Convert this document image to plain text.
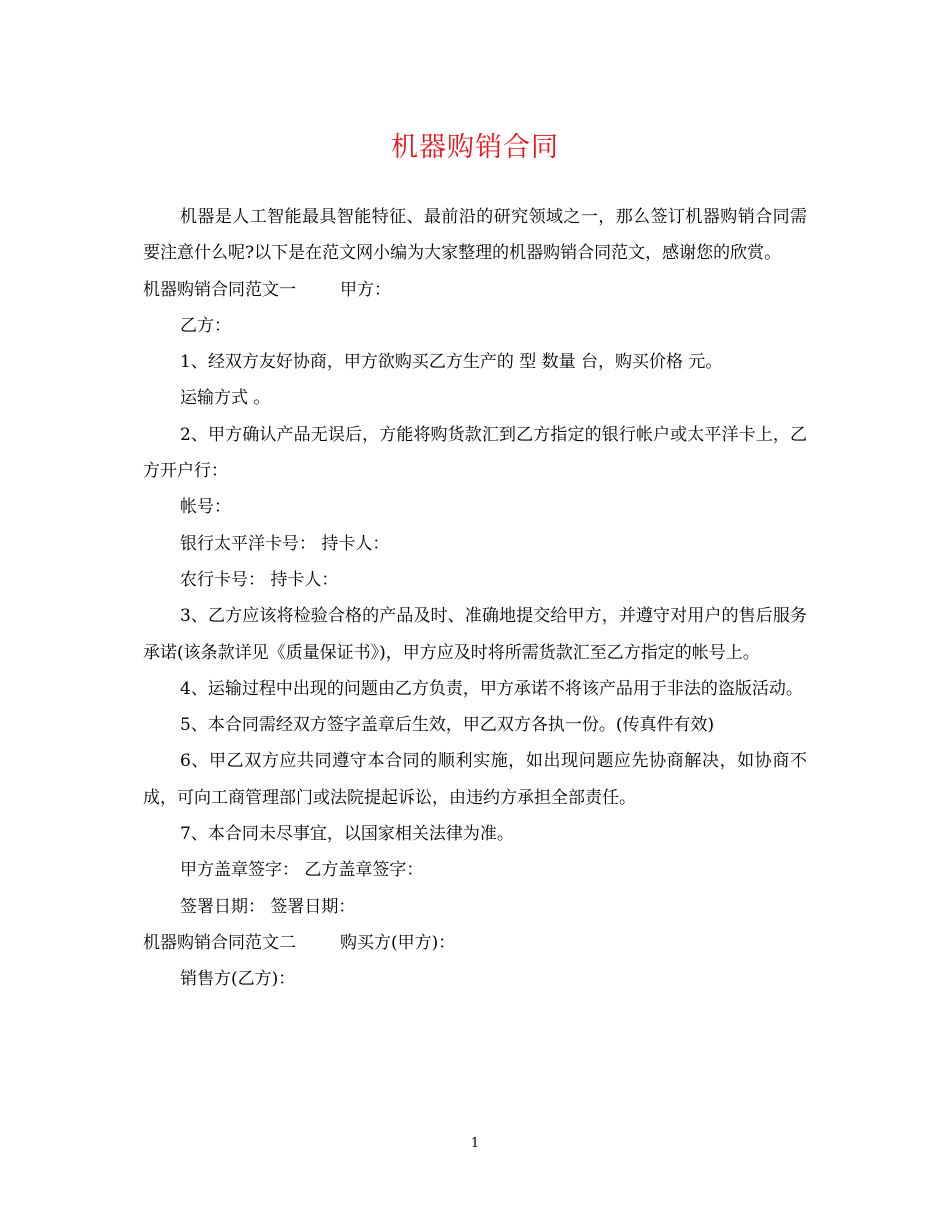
机器购销合同

机器是人工智能最具智能特征、最前沿的研究领域之一，那么签订机器购销合同需要注意什么呢?以下是在范文网小编为大家整理的机器购销合同范文，感谢您的欣赏。

机器购销合同范文一	甲方：

乙方：

1、经双方友好协商，甲方欲购买乙方生产的 型 数量 台，购买价格 元。

运输方式 。

2、甲方确认产品无误后，方能将购货款汇到乙方指定的银行帐户或太平洋卡上，乙方开户行：

帐号：

银行太平洋卡号： 持卡人：

农行卡号： 持卡人：

3、乙方应该将检验合格的产品及时、准确地提交给甲方，并遵守对用户的售后服务承诺(该条款详见《质量保证书》)，甲方应及时将所需货款汇至乙方指定的帐号上。

4、运输过程中出现的问题由乙方负责，甲方承诺不将该产品用于非法的盗版活动。

5、本合同需经双方签字盖章后生效，甲乙双方各执一份。(传真件有效)

6、甲乙双方应共同遵守本合同的顺利实施，如出现问题应先协商解决，如协商不成，可向工商管理部门或法院提起诉讼，由违约方承担全部责任。

7、本合同未尽事宜，以国家相关法律为准。

甲方盖章签字： 乙方盖章签字：

签署日期： 签署日期：

机器购销合同范文二	购买方(甲方)：

销售方(乙方)：

1
